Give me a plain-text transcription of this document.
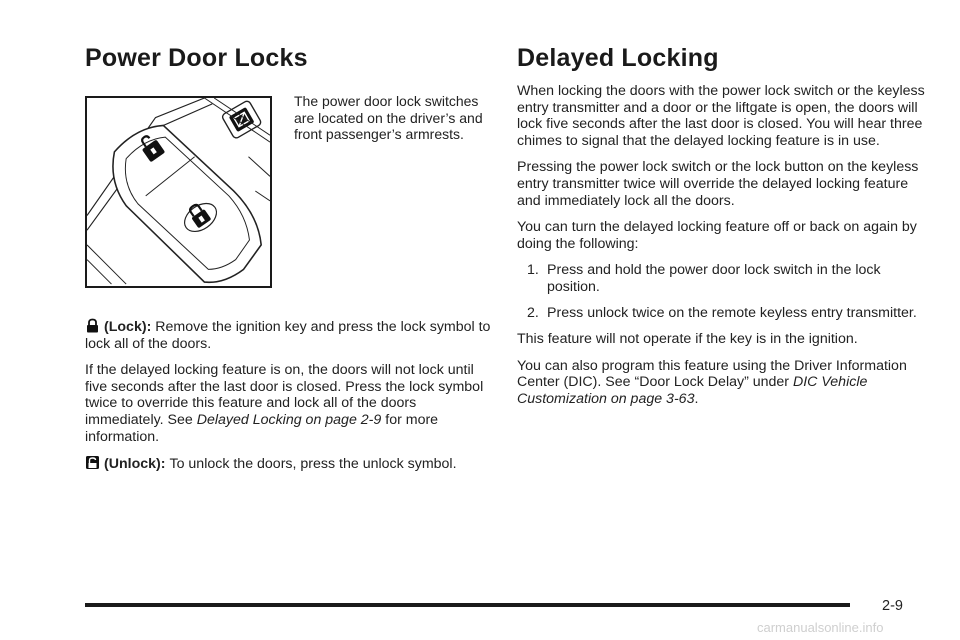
Power Door Locks	Delayed Locking

The power door lock switches are located on the driver’s and front passenger’s armrests.

(Lock): Remove the ignition key and press the lock symbol to lock all of the doors.

If the delayed locking feature is on, the doors will not lock until five seconds after the last door is closed. Press the lock symbol twice to override this feature and lock all of the doors immediately. See Delayed Locking on page 2-9 for more information.

(Unlock): To unlock the doors, press the unlock symbol.

When locking the doors with the power lock switch or the keyless entry transmitter and a door or the liftgate is open, the doors will lock five seconds after the last door is closed. You will hear three chimes to signal that the delayed locking feature is in use.

Pressing the power lock switch or the lock button on the keyless entry transmitter twice will override the delayed locking feature and immediately lock all the doors.

You can turn the delayed locking feature off or back on again by doing the following:

1. Press and hold the power door lock switch in the lock position.
2. Press unlock twice on the remote keyless entry transmitter.

This feature will not operate if the key is in the ignition.

You can also program this feature using the Driver Information Center (DIC). See “Door Lock Delay” under DIC Vehicle Customization on page 3-63.

2-9
carmanualsonline.info
